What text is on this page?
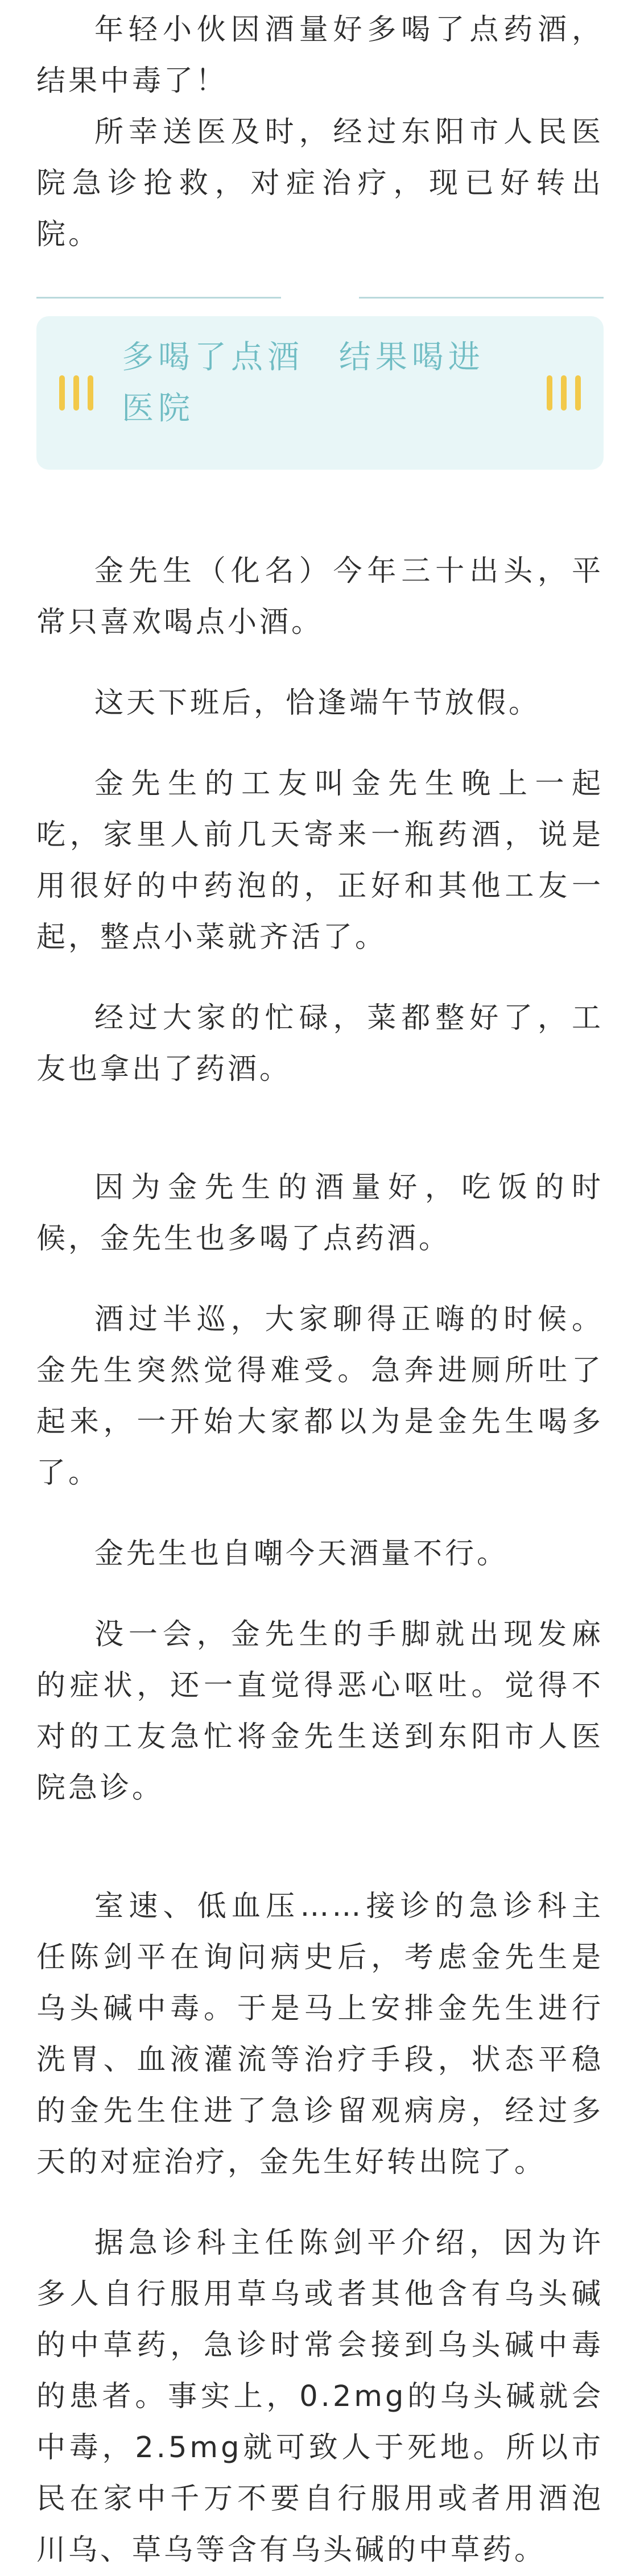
年轻小伙因酒量好多喝了点药酒，结果中毒了！

所幸送医及时，经过东阳市人民医院急诊抢救，对症治疗，现已好转出院。

多喝了点酒 结果喝进医院

金先生（化名）今年三十出头，平常只喜欢喝点小酒。

这天下班后，恰逢端午节放假。

金先生的工友叫金先生晚上一起吃，家里人前几天寄来一瓶药酒，说是用很好的中药泡的，正好和其他工友一起，整点小菜就齐活了。

经过大家的忙碌，菜都整好了，工友也拿出了药酒。

因为金先生的酒量好，吃饭的时候，金先生也多喝了点药酒。

酒过半巡，大家聊得正嗨的时候。金先生突然觉得难受。急奔进厕所吐了起来，一开始大家都以为是金先生喝多了。

金先生也自嘲今天酒量不行。

没一会，金先生的手脚就出现发麻的症状，还一直觉得恶心呕吐。觉得不对的工友急忙将金先生送到东阳市人医院急诊。

室速、低血压……接诊的急诊科主任陈剑平在询问病史后，考虑金先生是乌头碱中毒。于是马上安排金先生进行洗胃、血液灌流等治疗手段，状态平稳的金先生住进了急诊留观病房，经过多天的对症治疗，金先生好转出院了。

据急诊科主任陈剑平介绍，因为许多人自行服用草乌或者其他含有乌头碱的中草药，急诊时常会接到乌头碱中毒的患者。事实上，0.2mg的乌头碱就会中毒，2.5mg就可致人于死地。所以市民在家中千万不要自行服用或者用酒泡川乌、草乌等含有乌头碱的中草药。
